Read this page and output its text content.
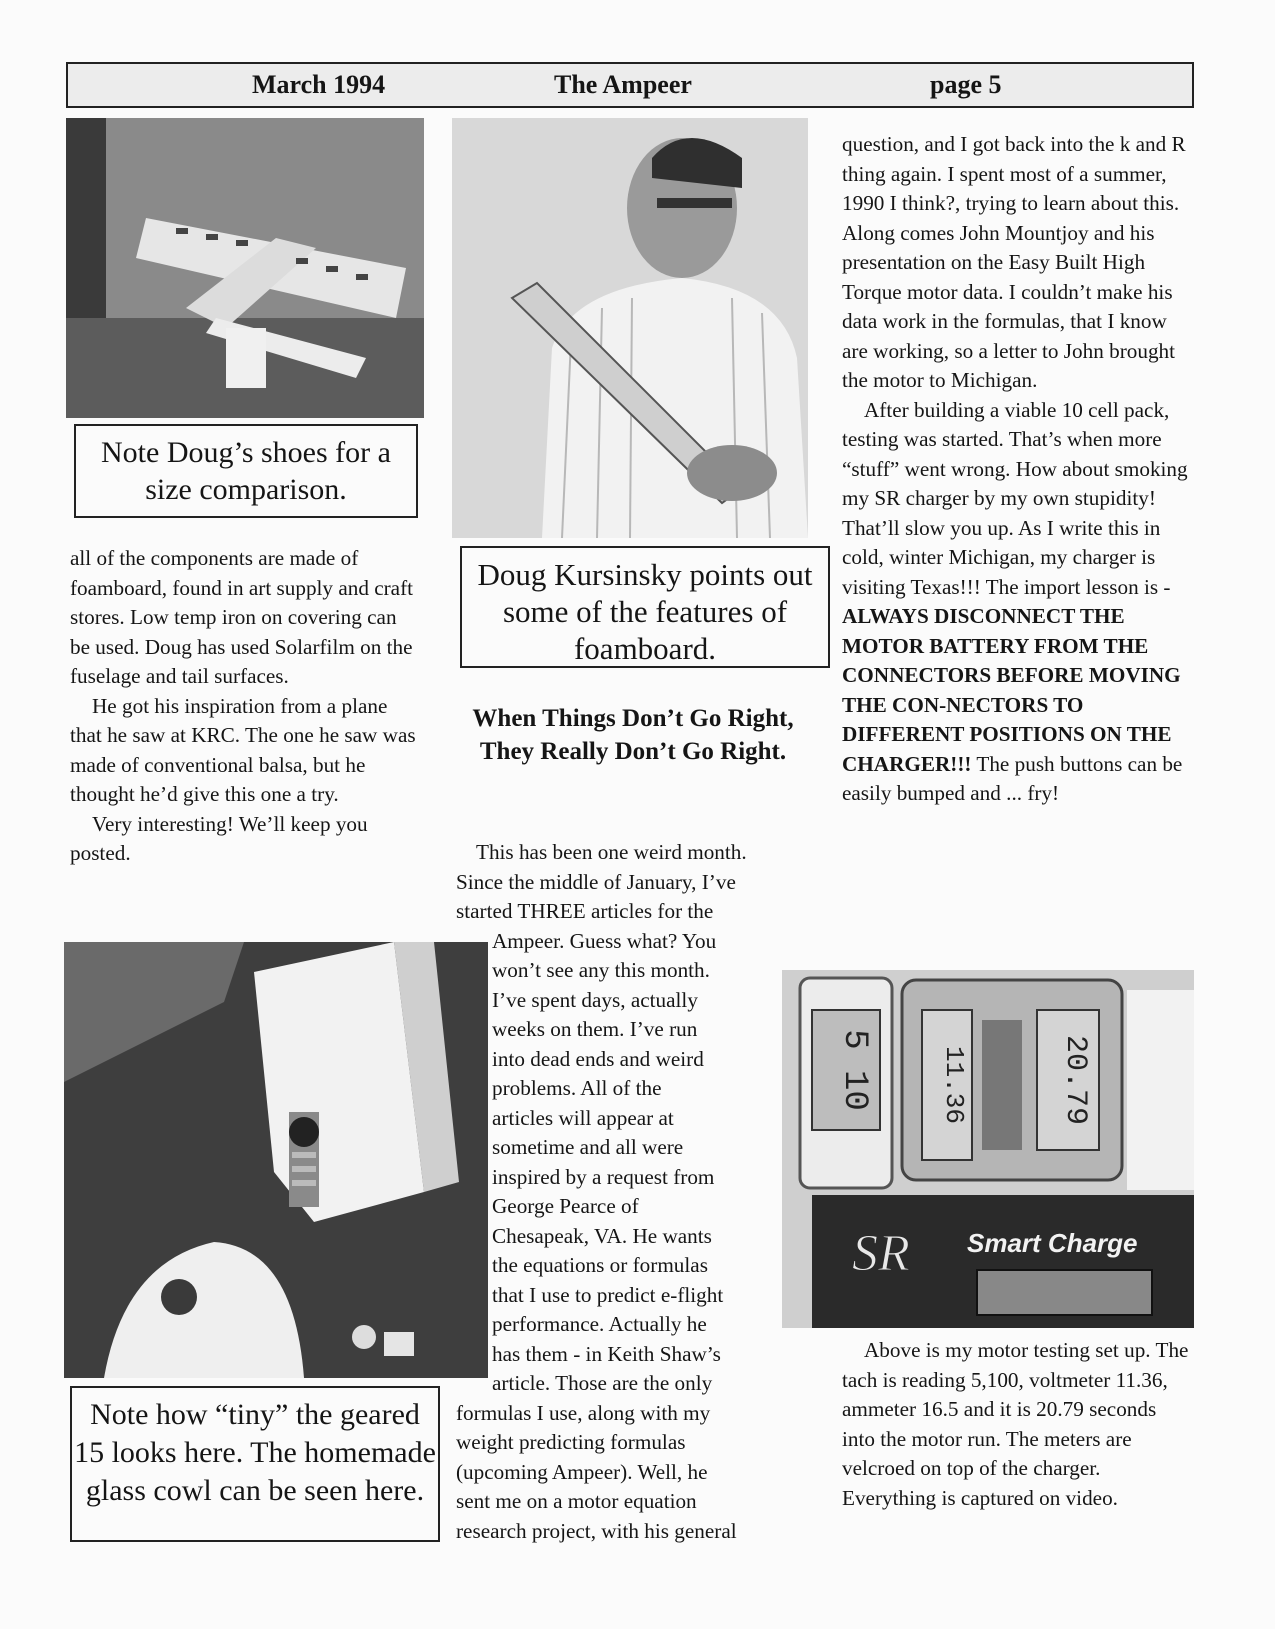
March 1994	The Ampeer	page 5
Note Doug’s shoes for a size comparison.

all of the components are made of foamboard, found in art supply and craft stores. Low temp iron on covering can be used. Doug has used Solarfilm on the fuselage and tail surfaces.

He got his inspiration from a plane that he saw at KRC. The one he saw was made of conventional balsa, but he thought he’d give this one a try.

Very interesting! We’ll keep you posted.

Doug Kursinsky points out some of the features of foamboard.
When Things Don’t Go Right, They Really Don’t Go Right.
This has been one weird month.
Since the middle of January, I’ve
started THREE articles for the
Ampeer. Guess what? You
won’t see any this month.
I’ve spent days, actually
weeks on them. I’ve run
into dead ends and weird
problems. All of the
articles will appear at
sometime and all were
inspired by a request from
George Pearce of
Chesapeak, VA. He wants
the equations or formulas
that I use to predict e-flight
performance. Actually he
has them - in Keith Shaw’s
article. Those are the only
formulas I use, along with my
weight predicting formulas
(upcoming Ampeer). Well, he
sent me on a motor equation
research project, with his general
Note how “tiny” the geared 15 looks here. The homemade glass cowl can be seen here.

question, and I got back into the k and R thing again. I spent most of a summer, 1990 I think?, trying to learn about this. Along comes John Mountjoy and his presentation on the Easy Built High Torque motor data. I couldn’t make his data work in the formulas, that I know are working, so a letter to John brought the motor to Michigan.

After building a viable 10 cell pack, testing was started. That’s when more “stuff” went wrong. How about smoking my SR charger by my own stupidity! That’ll slow you up. As I write this in cold, winter Michigan, my charger is visiting Texas!!! The import lesson is - ALWAYS DISCONNECT THE MOTOR BATTERY FROM THE CONNECTORS BEFORE MOVING THE CON-NECTORS TO DIFFERENT POSITIONS ON THE CHARGER!!! The push buttons can be easily bumped and ... fry!

5 10	11.36	20.79
SR Smart Charge

Above is my motor testing set up. The tach is reading 5,100, voltmeter 11.36, ammeter 16.5 and it is 20.79 seconds into the motor run. The meters are velcroed on top of the charger. Everything is captured on video.
